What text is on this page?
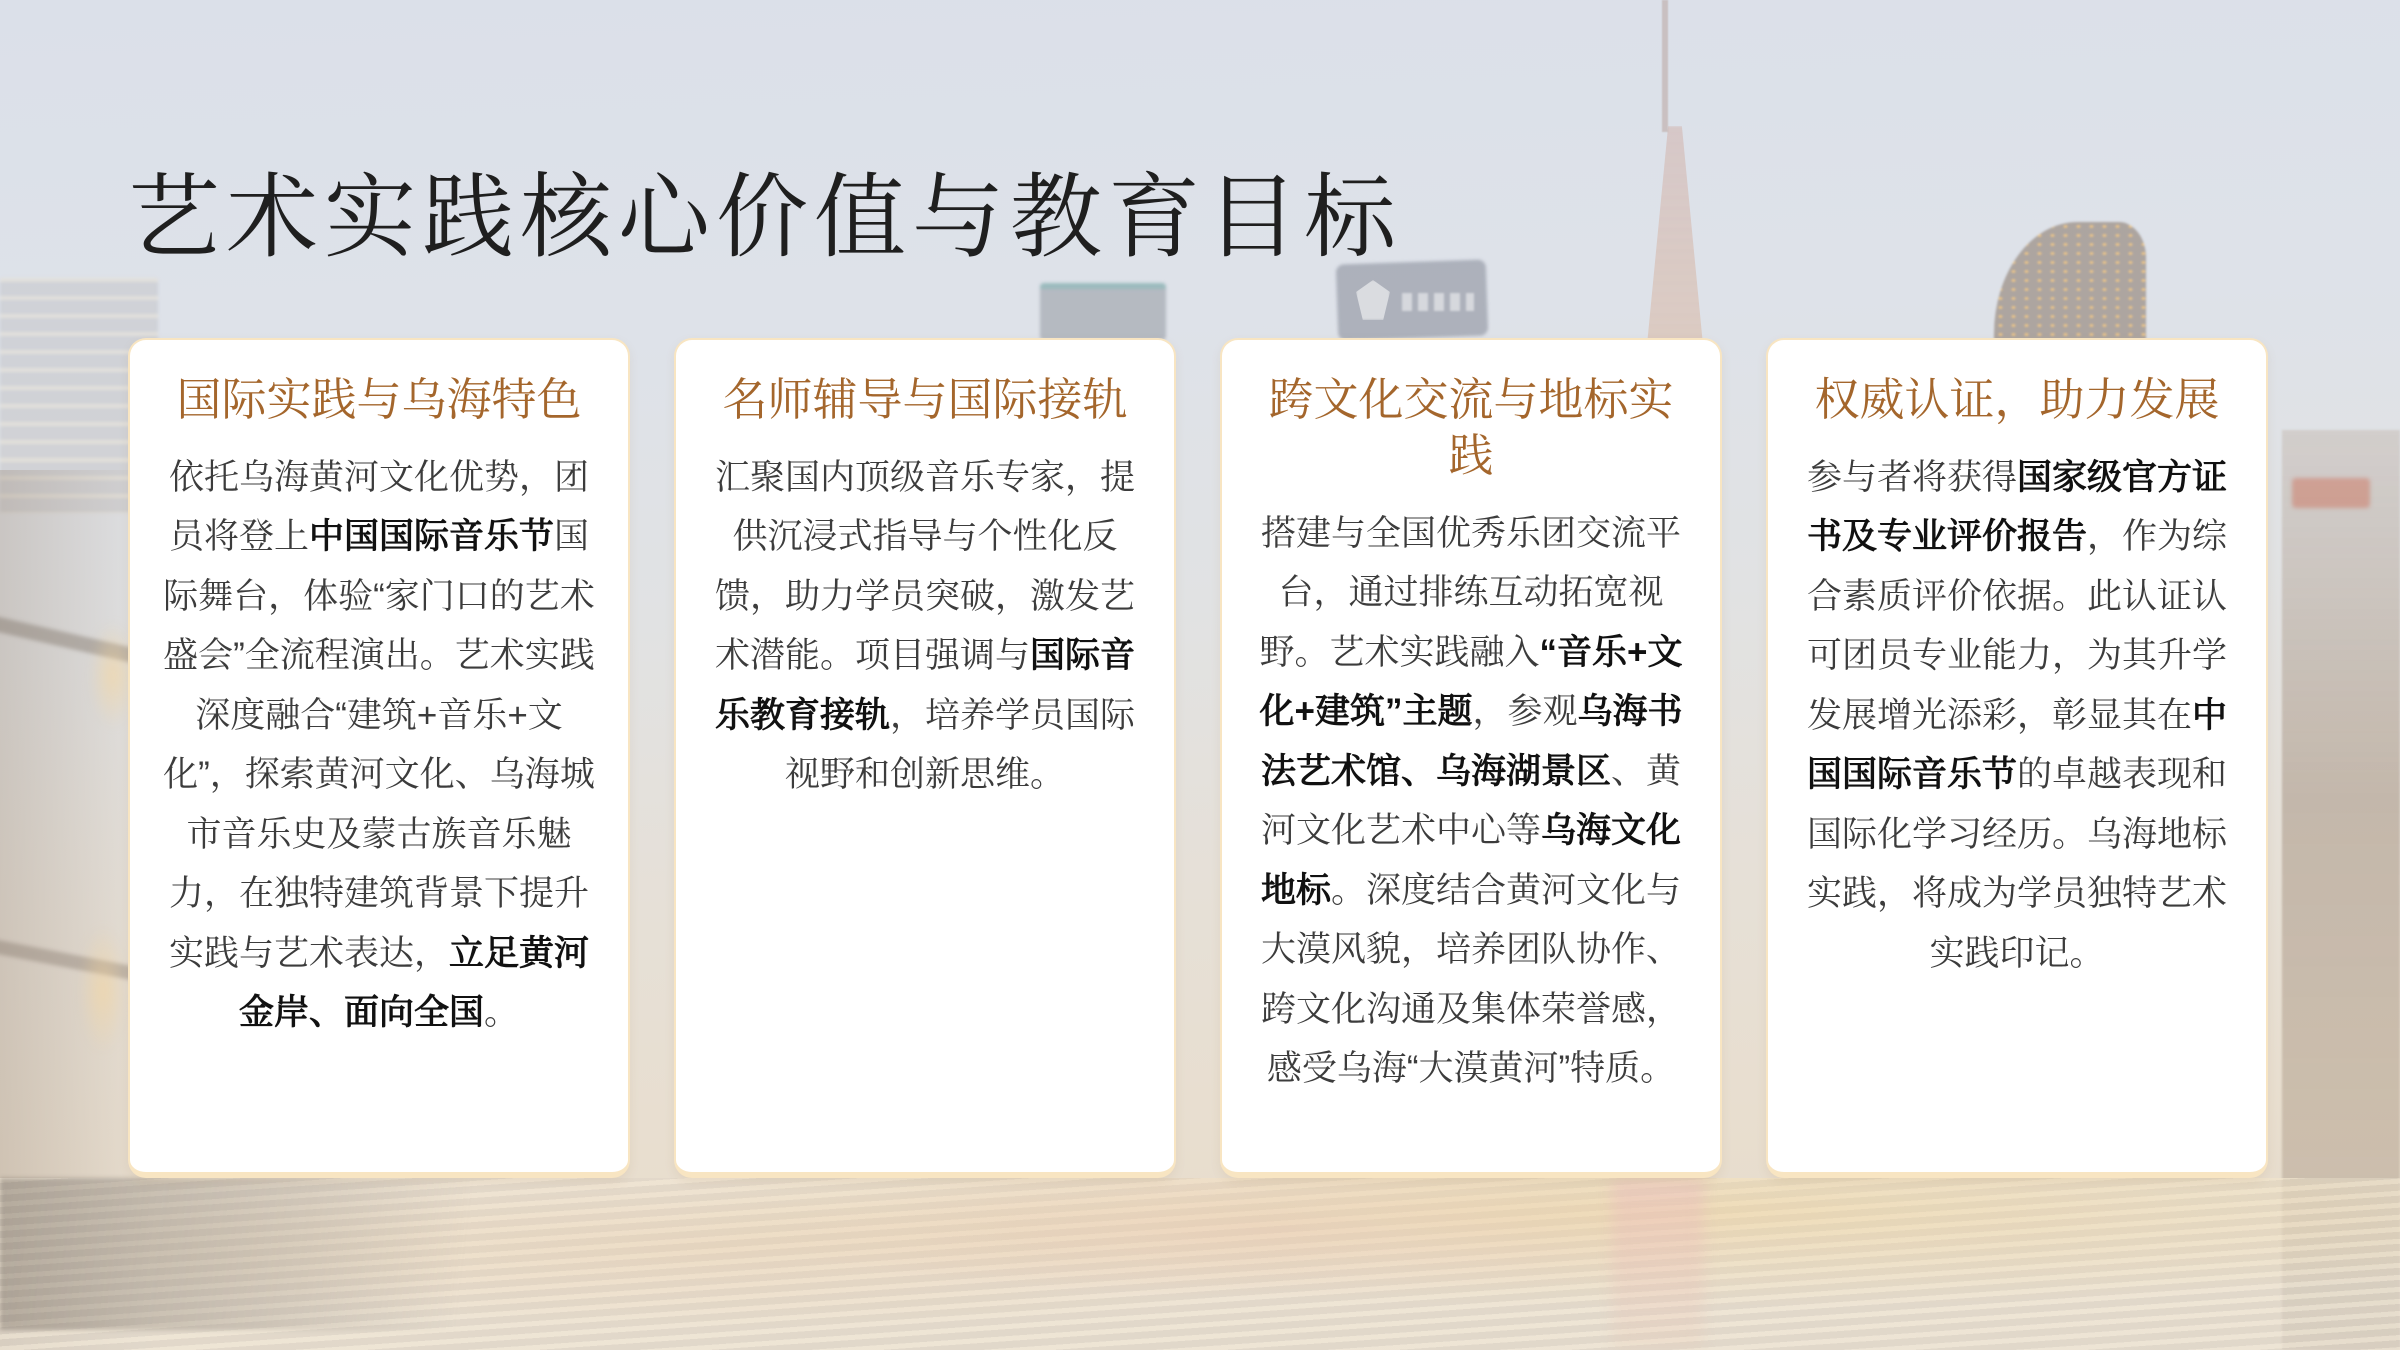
艺术实践核心价值与教育目标
国际实践与乌海特色

依托乌海黄河文化优势，团员将登上中国国际音乐节国际舞台，体验“家门口的艺术盛会”全流程演出。艺术实践深度融合“建筑+音乐+文化”，探索黄河文化、乌海城市音乐史及蒙古族音乐魅力，在独特建筑背景下提升实践与艺术表达，立足黄河金岸、面向全国。

名师辅导与国际接轨

汇聚国内顶级音乐专家，提供沉浸式指导与个性化反馈，助力学员突破，激发艺术潜能。项目强调与国际音乐教育接轨，培养学员国际视野和创新思维。

跨文化交流与地标实践

搭建与全国优秀乐团交流平台，通过排练互动拓宽视野。艺术实践融入“音乐+文化+建筑”主题，参观乌海书法艺术馆、乌海湖景区、黄河文化艺术中心等乌海文化地标。深度结合黄河文化与大漠风貌，培养团队协作、跨文化沟通及集体荣誉感，感受乌海“大漠黄河”特质。

权威认证，助力发展

参与者将获得国家级官方证书及专业评价报告，作为综合素质评价依据。此认证认可团员专业能力，为其升学发展增光添彩，彰显其在中国国际音乐节的卓越表现和国际化学习经历。乌海地标实践，将成为学员独特艺术实践印记。
